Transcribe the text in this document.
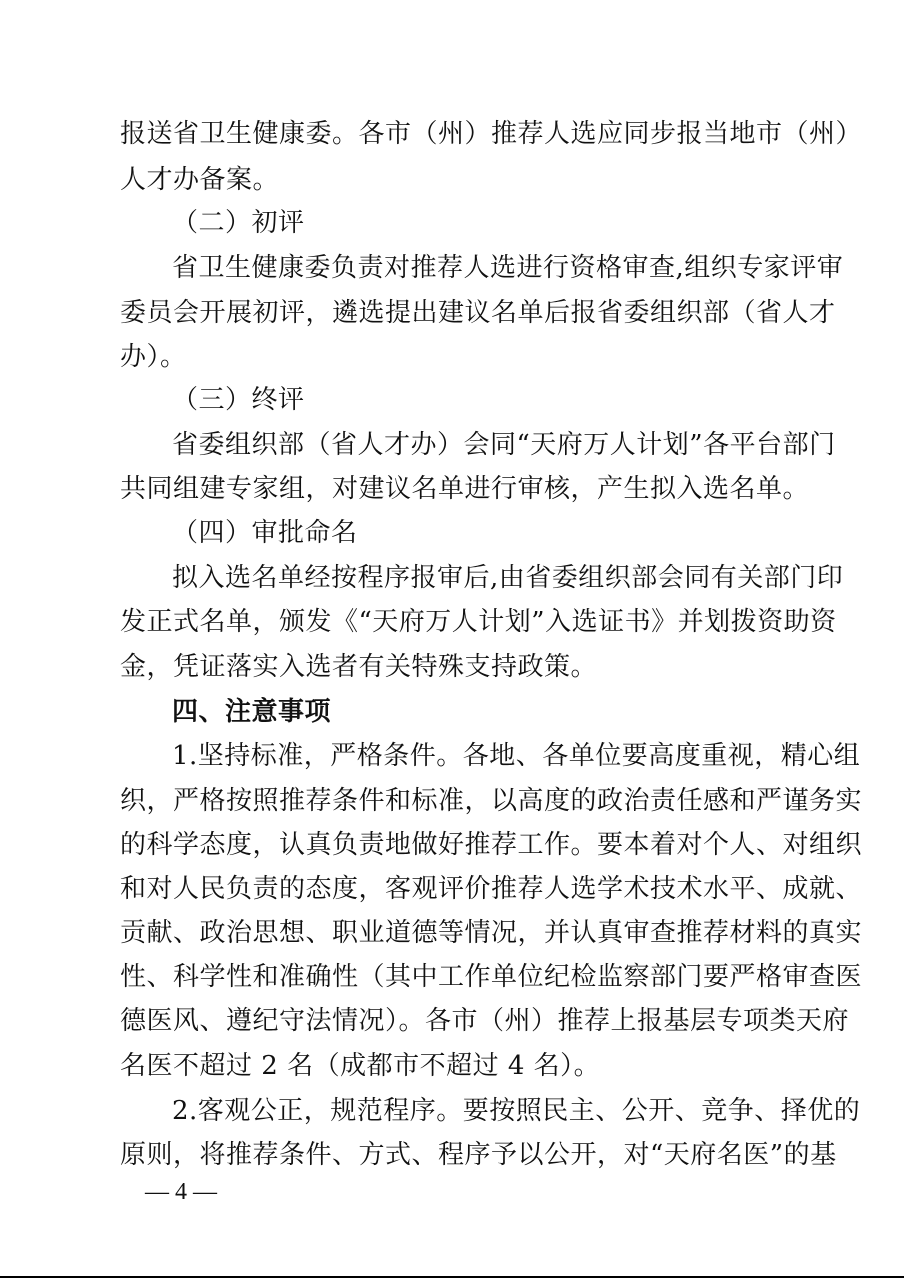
报送省卫生健康委。各市（州）推荐人选应同步报当地市（州）
人才办备案。
（二）初评
省卫生健康委负责对推荐人选进行资格审查,组织专家评审
委员会开展初评，遴选提出建议名单后报省委组织部（省人才
办）。
（三）终评
省委组织部（省人才办）会同“天府万人计划”各平台部门
共同组建专家组，对建议名单进行审核，产生拟入选名单。
（四）审批命名
拟入选名单经按程序报审后,由省委组织部会同有关部门印
发正式名单，颁发《“天府万人计划”入选证书》并划拨资助资
金，凭证落实入选者有关特殊支持政策。
四、注意事项
1.坚持标准，严格条件。各地、各单位要高度重视，精心组
织，严格按照推荐条件和标准，以高度的政治责任感和严谨务实
的科学态度，认真负责地做好推荐工作。要本着对个人、对组织
和对人民负责的态度，客观评价推荐人选学术技术水平、成就、
贡献、政治思想、职业道德等情况，并认真审查推荐材料的真实
性、科学性和准确性（其中工作单位纪检监察部门要严格审查医
德医风、遵纪守法情况）。各市（州）推荐上报基层专项类天府
名医不超过 2 名（成都市不超过 4 名）。
2.客观公正，规范程序。要按照民主、公开、竞争、择优的
原则，将推荐条件、方式、程序予以公开，对“天府名医”的基
— 4 —
